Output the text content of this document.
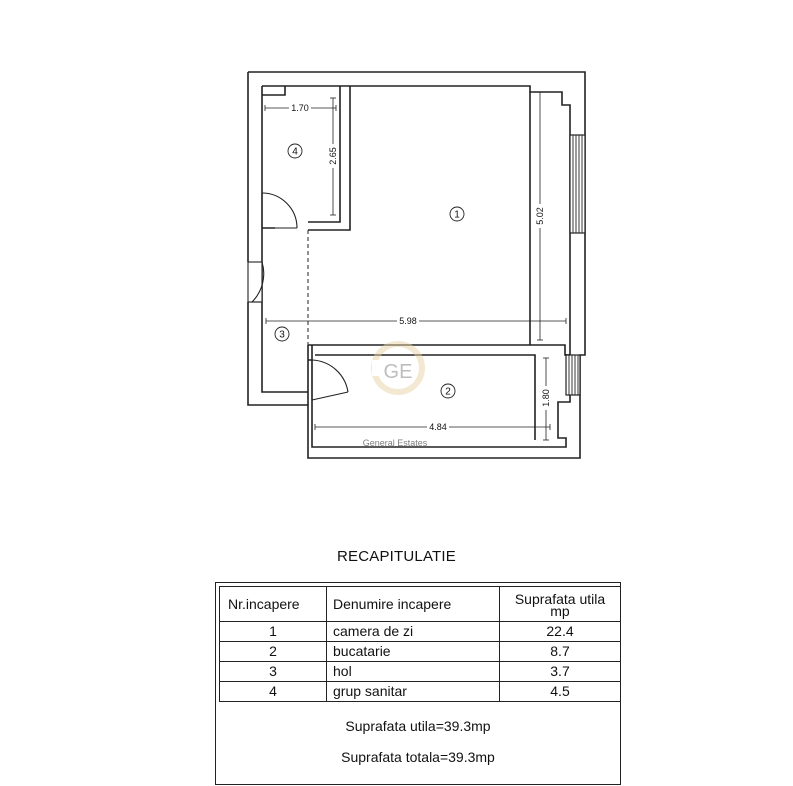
1.70
2.65
5.02
5.98
1.80
4.84
1
2
3
4
GE
General Estates
RECAPITULATIE
Nr.incapere	Denumire incapere	Suprafata utila
mp
1	camera de zi	22.4
2	bucatarie	8.7
3	hol	3.7
4	grup sanitar	4.5
Suprafata utila=39.3mp
Suprafata totala=39.3mp
